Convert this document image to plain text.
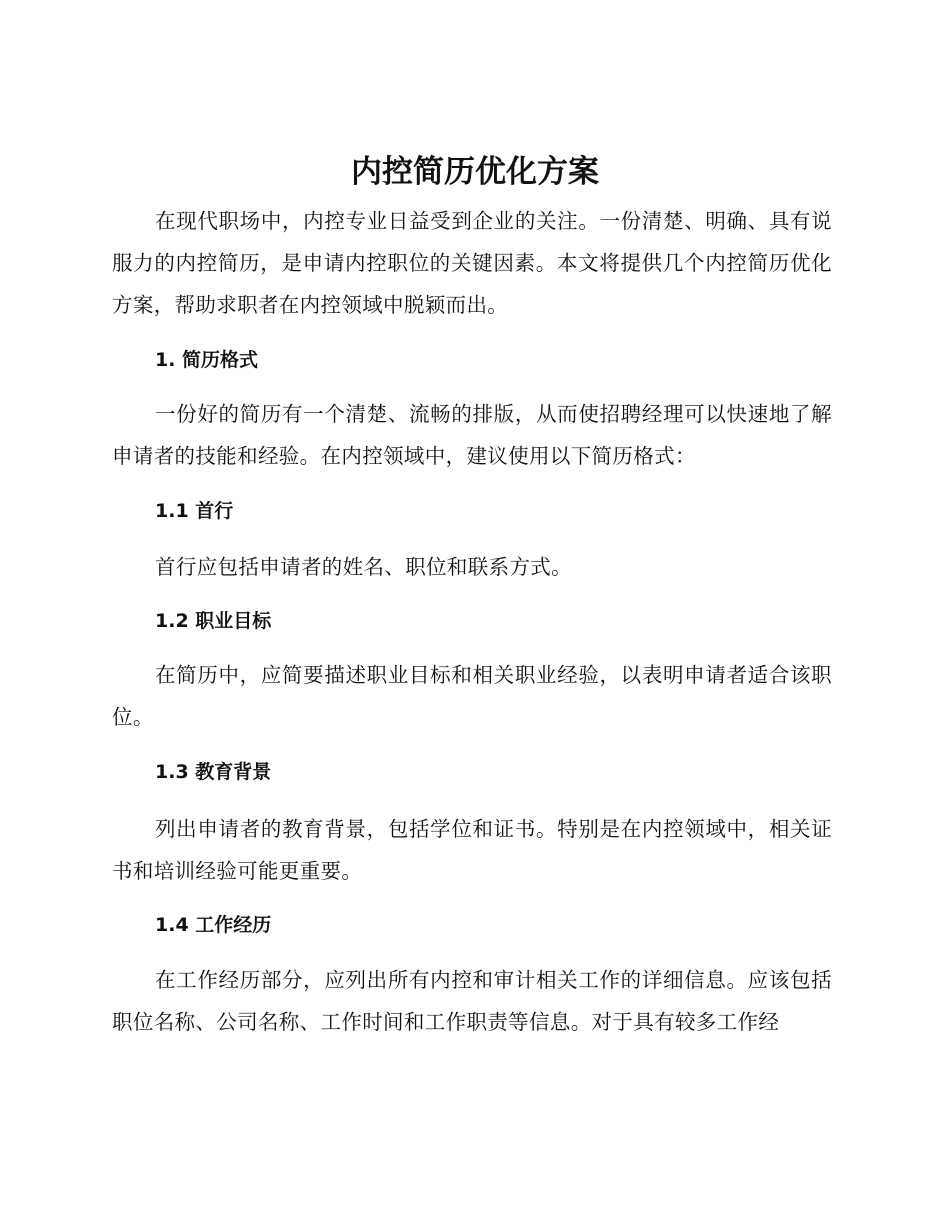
内控简历优化方案

在现代职场中，内控专业日益受到企业的关注。一份清楚、明确、具有说服力的内控简历，是申请内控职位的关键因素。本文将提供几个内控简历优化方案，帮助求职者在内控领域中脱颖而出。

1. 简历格式

一份好的简历有一个清楚、流畅的排版，从而使招聘经理可以快速地了解申请者的技能和经验。在内控领域中，建议使用以下简历格式：

1.1 首行

首行应包括申请者的姓名、职位和联系方式。

1.2 职业目标

在简历中，应简要描述职业目标和相关职业经验，以表明申请者适合该职位。

1.3 教育背景

列出申请者的教育背景，包括学位和证书。特别是在内控领域中，相关证书和培训经验可能更重要。

1.4 工作经历

在工作经历部分，应列出所有内控和审计相关工作的详细信息。应该包括职位名称、公司名称、工作时间和工作职责等信息。对于具有较多工作经
